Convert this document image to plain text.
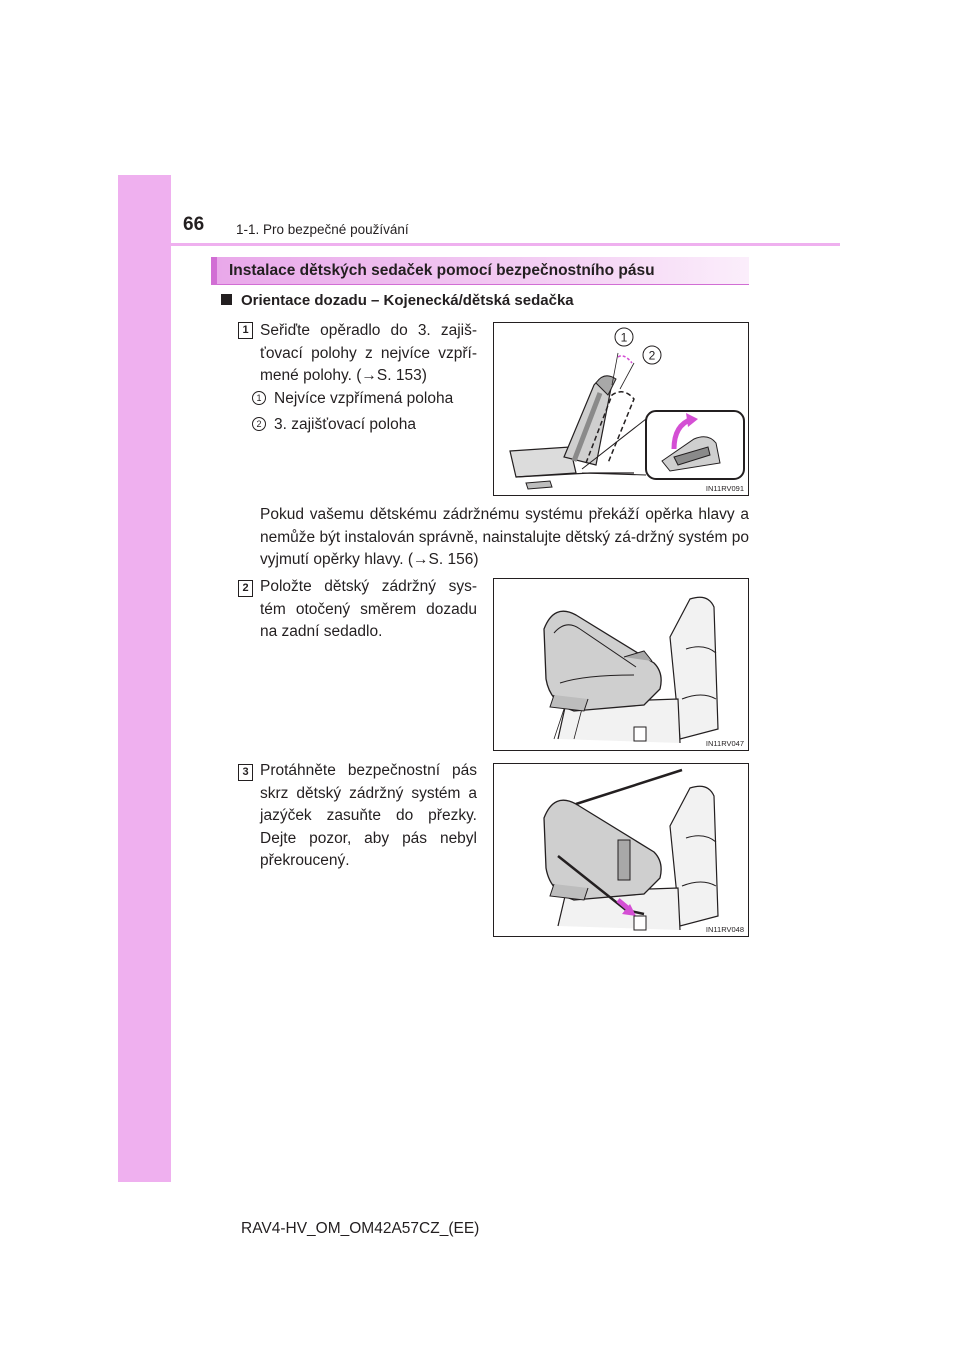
66 1-1. Pro bezpečné používání
Instalace dětských sedaček pomocí bezpečnostního pásu
Orientace dozadu – Kojenecká/dětská sedačka
1 Seřiďte opěradlo do 3. zajiš-ťovací polohy z nejvíce vzpří-mené polohy. (→S. 153)
1 Nejvíce vzpřímená poloha
2 3. zajišťovací poloha
1
2
IN11RV091
Pokud vašemu dětskému zádržnému systému překáží opěrka hlavy a nemůže být instalován správně, nainstalujte dětský zá-držný systém po vyjmutí opěrky hlavy. (→S. 156)
2 Položte dětský zádržný sys-tém otočený směrem dozadu na zadní sedadlo.
IN11RV047
3 Protáhněte bezpečnostní pás skrz dětský zádržný systém a jazýček zasuňte do přezky. Dejte pozor, aby pás nebyl překroucený.
IN11RV048
RAV4-HV_OM_OM42A57CZ_(EE)
